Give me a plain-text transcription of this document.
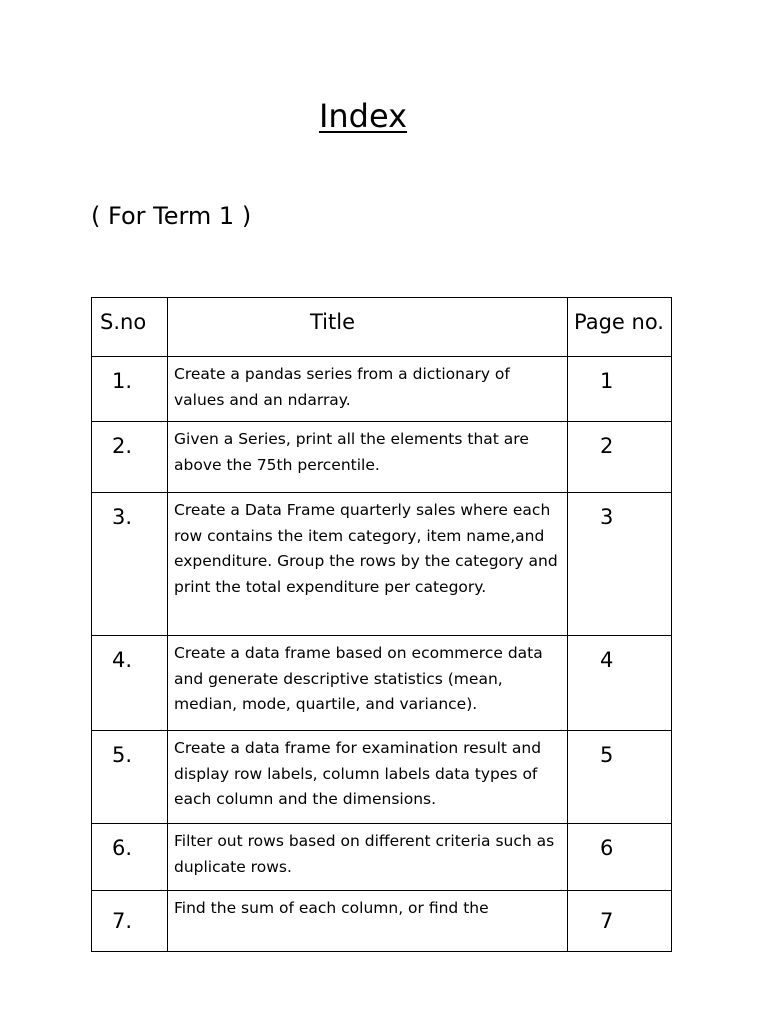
Index
( For Term 1 )
S.no	Title	Page no.
1.	Create a pandas series from a dictionary of values and an ndarray.	1
2.	Given a Series, print all the elements that are above the 75th percentile.	2
3.	Create a Data Frame quarterly sales where each row contains the item category, item name,and expenditure. Group the rows by the category and print the total expenditure per category.	3
4.	Create a data frame based on ecommerce data and generate descriptive statistics (mean, median, mode, quartile, and variance).	4
5.	Create a data frame for examination result and display row labels, column labels data types of each column and the dimensions.	5
6.	Filter out rows based on different criteria such as duplicate rows.	6
7.	Find the sum of each column, or find the	7
